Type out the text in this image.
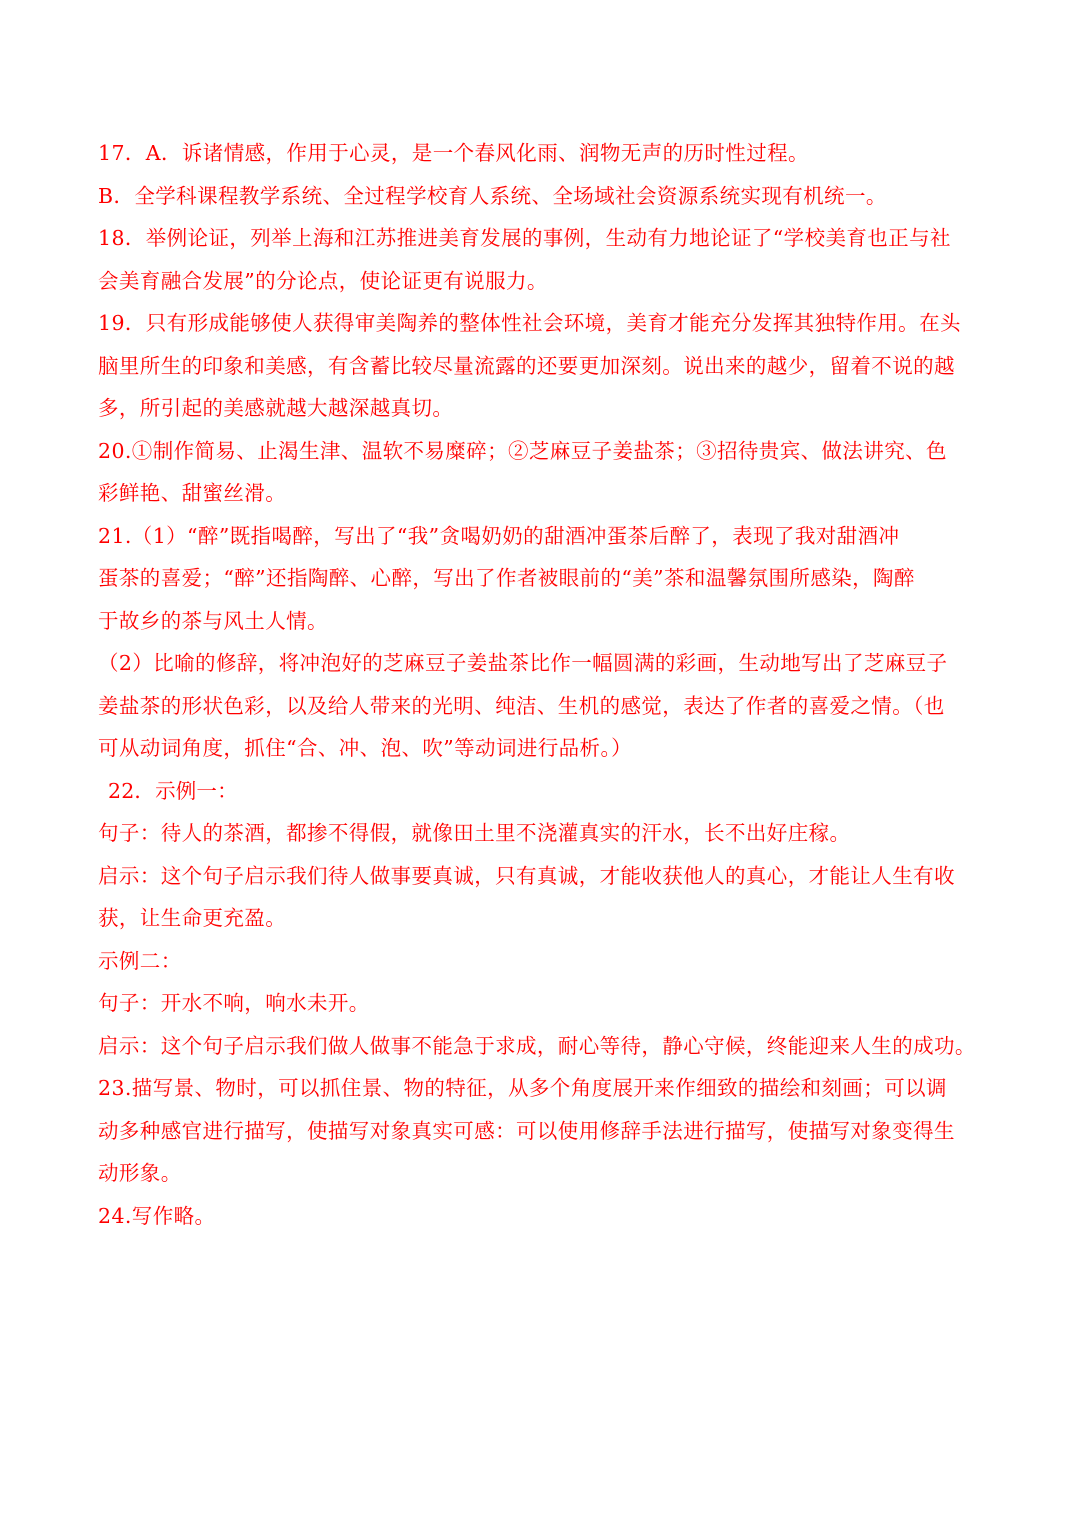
17．A．诉诸情感，作用于心灵，是一个春风化雨、润物无声的历时性过程。
B．全学科课程教学系统、全过程学校育人系统、全场域社会资源系统实现有机统一。
18．举例论证，列举上海和江苏推进美育发展的事例，生动有力地论证了“学校美育也正与社
会美育融合发展”的分论点，使论证更有说服力。
19．只有形成能够使人获得审美陶养的整体性社会环境，美育才能充分发挥其独特作用。在头
脑里所生的印象和美感，有含蓄比较尽量流露的还要更加深刻。说出来的越少，留着不说的越
多，所引起的美感就越大越深越真切。
20.①制作简易、止渴生津、温软不易糜碎；②芝麻豆子姜盐茶；③招待贵宾、做法讲究、色
彩鲜艳、甜蜜丝滑。
21.（1）“醉”既指喝醉，写出了“我”贪喝奶奶的甜酒冲蛋茶后醉了，表现了我对甜酒冲
蛋茶的喜爱；“醉”还指陶醉、心醉，写出了作者被眼前的“美”茶和温馨氛围所感染，陶醉
于故乡的茶与风土人情。
（2）比喻的修辞，将冲泡好的芝麻豆子姜盐茶比作一幅圆满的彩画，生动地写出了芝麻豆子
姜盐茶的形状色彩，以及给人带来的光明、纯洁、生机的感觉，表达了作者的喜爱之情。（也
可从动词角度，抓住“合、冲、泡、吹”等动词进行品析。）
22．示例一：
句子：待人的茶酒，都掺不得假，就像田土里不浇灌真实的汗水，长不出好庄稼。
启示：这个句子启示我们待人做事要真诚，只有真诚，才能收获他人的真心，才能让人生有收
获，让生命更充盈。
示例二：
句子：开水不响，响水未开。
启示：这个句子启示我们做人做事不能急于求成，耐心等待，静心守候，终能迎来人生的成功。
23.描写景、物时，可以抓住景、物的特征，从多个角度展开来作细致的描绘和刻画；可以调
动多种感官进行描写，使描写对象真实可感：可以使用修辞手法进行描写，使描写对象变得生
动形象。
24.写作略。
